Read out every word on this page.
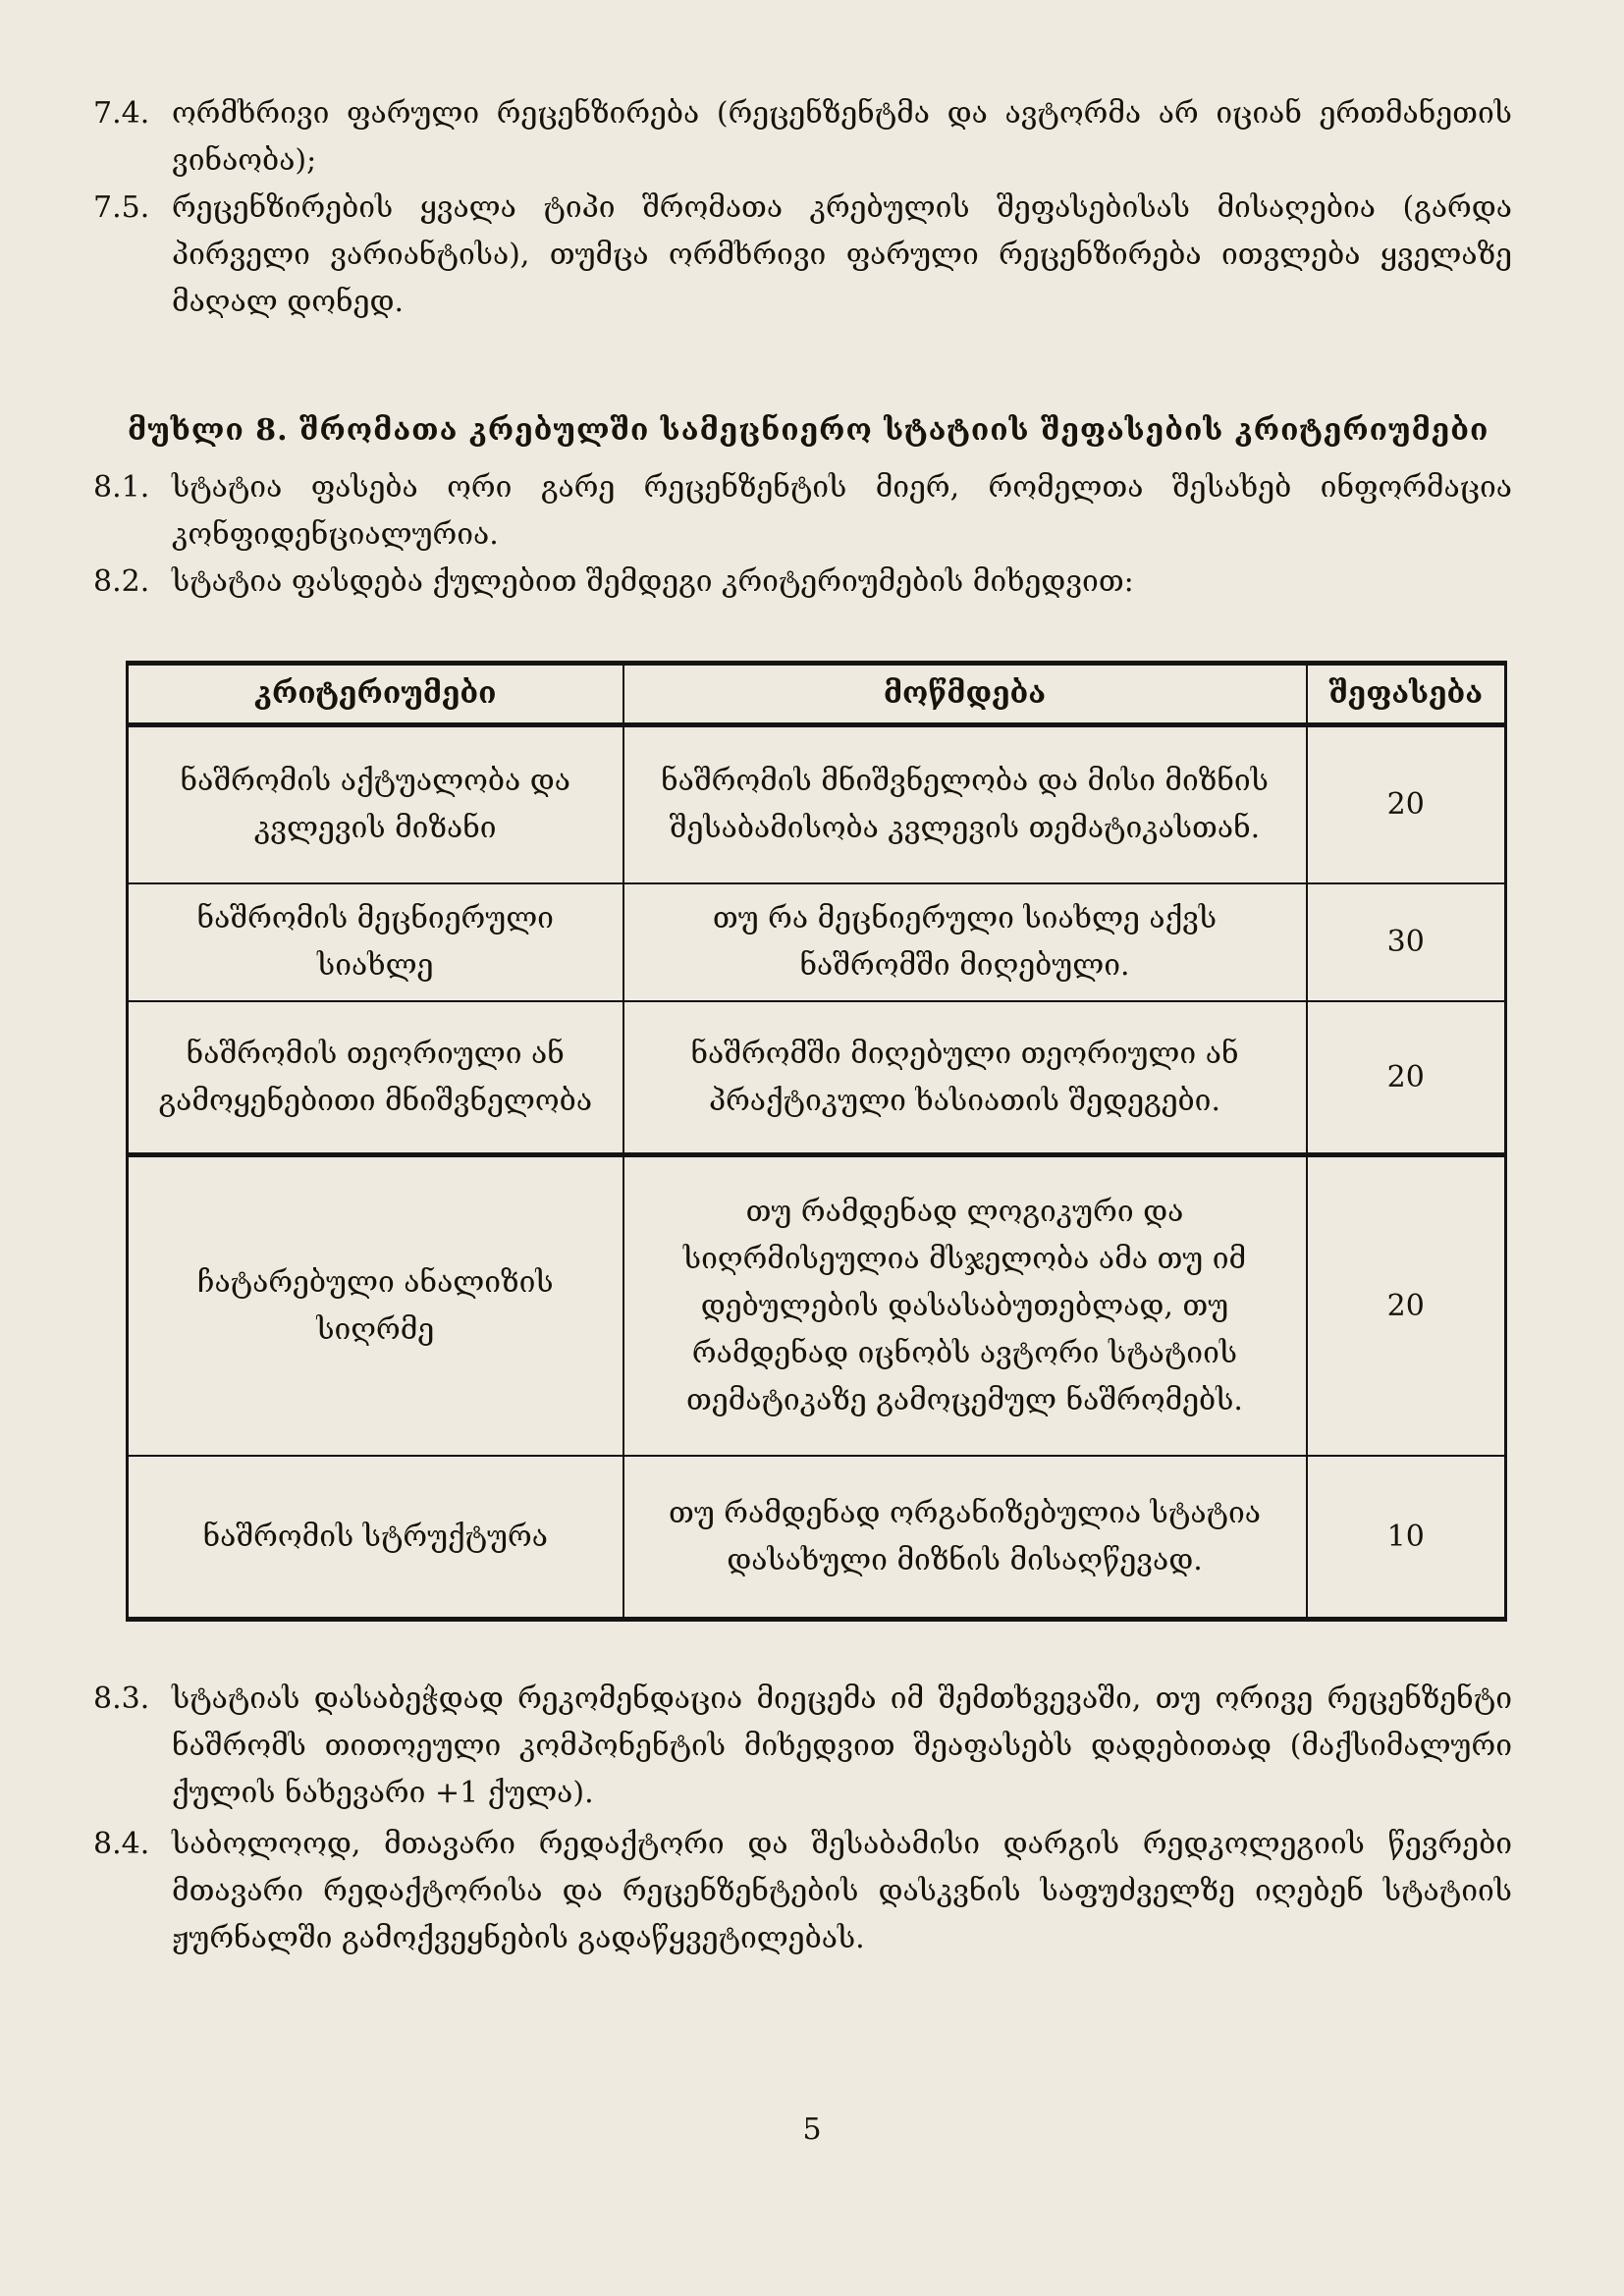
7.4. ორმხრივი ფარული რეცენზირება (რეცენზენტმა და ავტორმა არ იციან ერთმანეთის ვინაობა);
7.5. რეცენზირების ყვალა ტიპი შრომათა კრებულის შეფასებისას მისაღებია (გარდა პირველი ვარიანტისა), თუმცა ორმხრივი ფარული რეცენზირება ითვლება ყველაზე მაღალ დონედ.
მუხლი 8. შრომათა კრებულში სამეცნიერო სტატიის შეფასების კრიტერიუმები
8.1. სტატია ფასება ორი გარე რეცენზენტის მიერ, რომელთა შესახებ ინფორმაცია კონფიდენციალურია.
8.2. სტატია ფასდება ქულებით შემდეგი კრიტერიუმების მიხედვით:
კრიტერიუმები	მოწმდება	შეფასება
ნაშრომის აქტუალობა და კვლევის მიზანი	ნაშრომის მნიშვნელობა და მისი მიზნის შესაბამისობა კვლევის თემატიკასთან.	20
ნაშრომის მეცნიერული სიახლე	თუ რა მეცნიერული სიახლე აქვს ნაშრომში მიღებული.	30
ნაშრომის თეორიული ან გამოყენებითი მნიშვნელობა	ნაშრომში მიღებული თეორიული ან პრაქტიკული ხასიათის შედეგები.	20
ჩატარებული ანალიზის სიღრმე	თუ რამდენად ლოგიკური და სიღრმისეულია მსჯელობა ამა თუ იმ დებულების დასასაბუთებლად, თუ რამდენად იცნობს ავტორი სტატიის თემატიკაზე გამოცემულ ნაშრომებს.	20
ნაშრომის სტრუქტურა	თუ რამდენად ორგანიზებულია სტატია დასახული მიზნის მისაღწევად.	10
8.3. სტატიას დასაბეჭდად რეკომენდაცია მიეცემა იმ შემთხვევაში, თუ ორივე რეცენზენტი ნაშრომს თითოეული კომპონენტის მიხედვით შეაფასებს დადებითად (მაქსიმალური ქულის ნახევარი +1 ქულა).
8.4. საბოლოოდ, მთავარი რედაქტორი და შესაბამისი დარგის რედკოლეგიის წევრები მთავარი რედაქტორისა და რეცენზენტების დასკვნის საფუძველზე იღებენ სტატიის ჟურნალში გამოქვეყნების გადაწყვეტილებას.
5
